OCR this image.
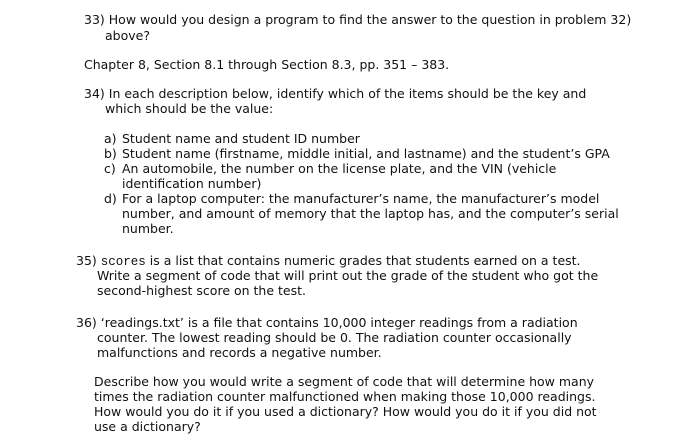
33) How would you design a program to find the answer to the question in problem 32)
above?
Chapter 8, Section 8.1 through Section 8.3, pp. 351 – 383.
34) In each description below, identify which of the items should be the key and
which should be the value:
a) Student name and student ID number
b) Student name (firstname, middle initial, and lastname) and the student’s GPA
c) An automobile, the number on the license plate, and the VIN (vehicle
identification number)
d) For a laptop computer: the manufacturer’s name, the manufacturer’s model
number, and amount of memory that the laptop has, and the computer’s serial
number.
35) scores is a list that contains numeric grades that students earned on a test.
Write a segment of code that will print out the grade of the student who got the
second-highest score on the test.
36) ‘readings.txt’ is a file that contains 10,000 integer readings from a radiation
counter. The lowest reading should be 0. The radiation counter occasionally
malfunctions and records a negative number.
Describe how you would write a segment of code that will determine how many
times the radiation counter malfunctioned when making those 10,000 readings.
How would you do it if you used a dictionary? How would you do it if you did not
use a dictionary?
